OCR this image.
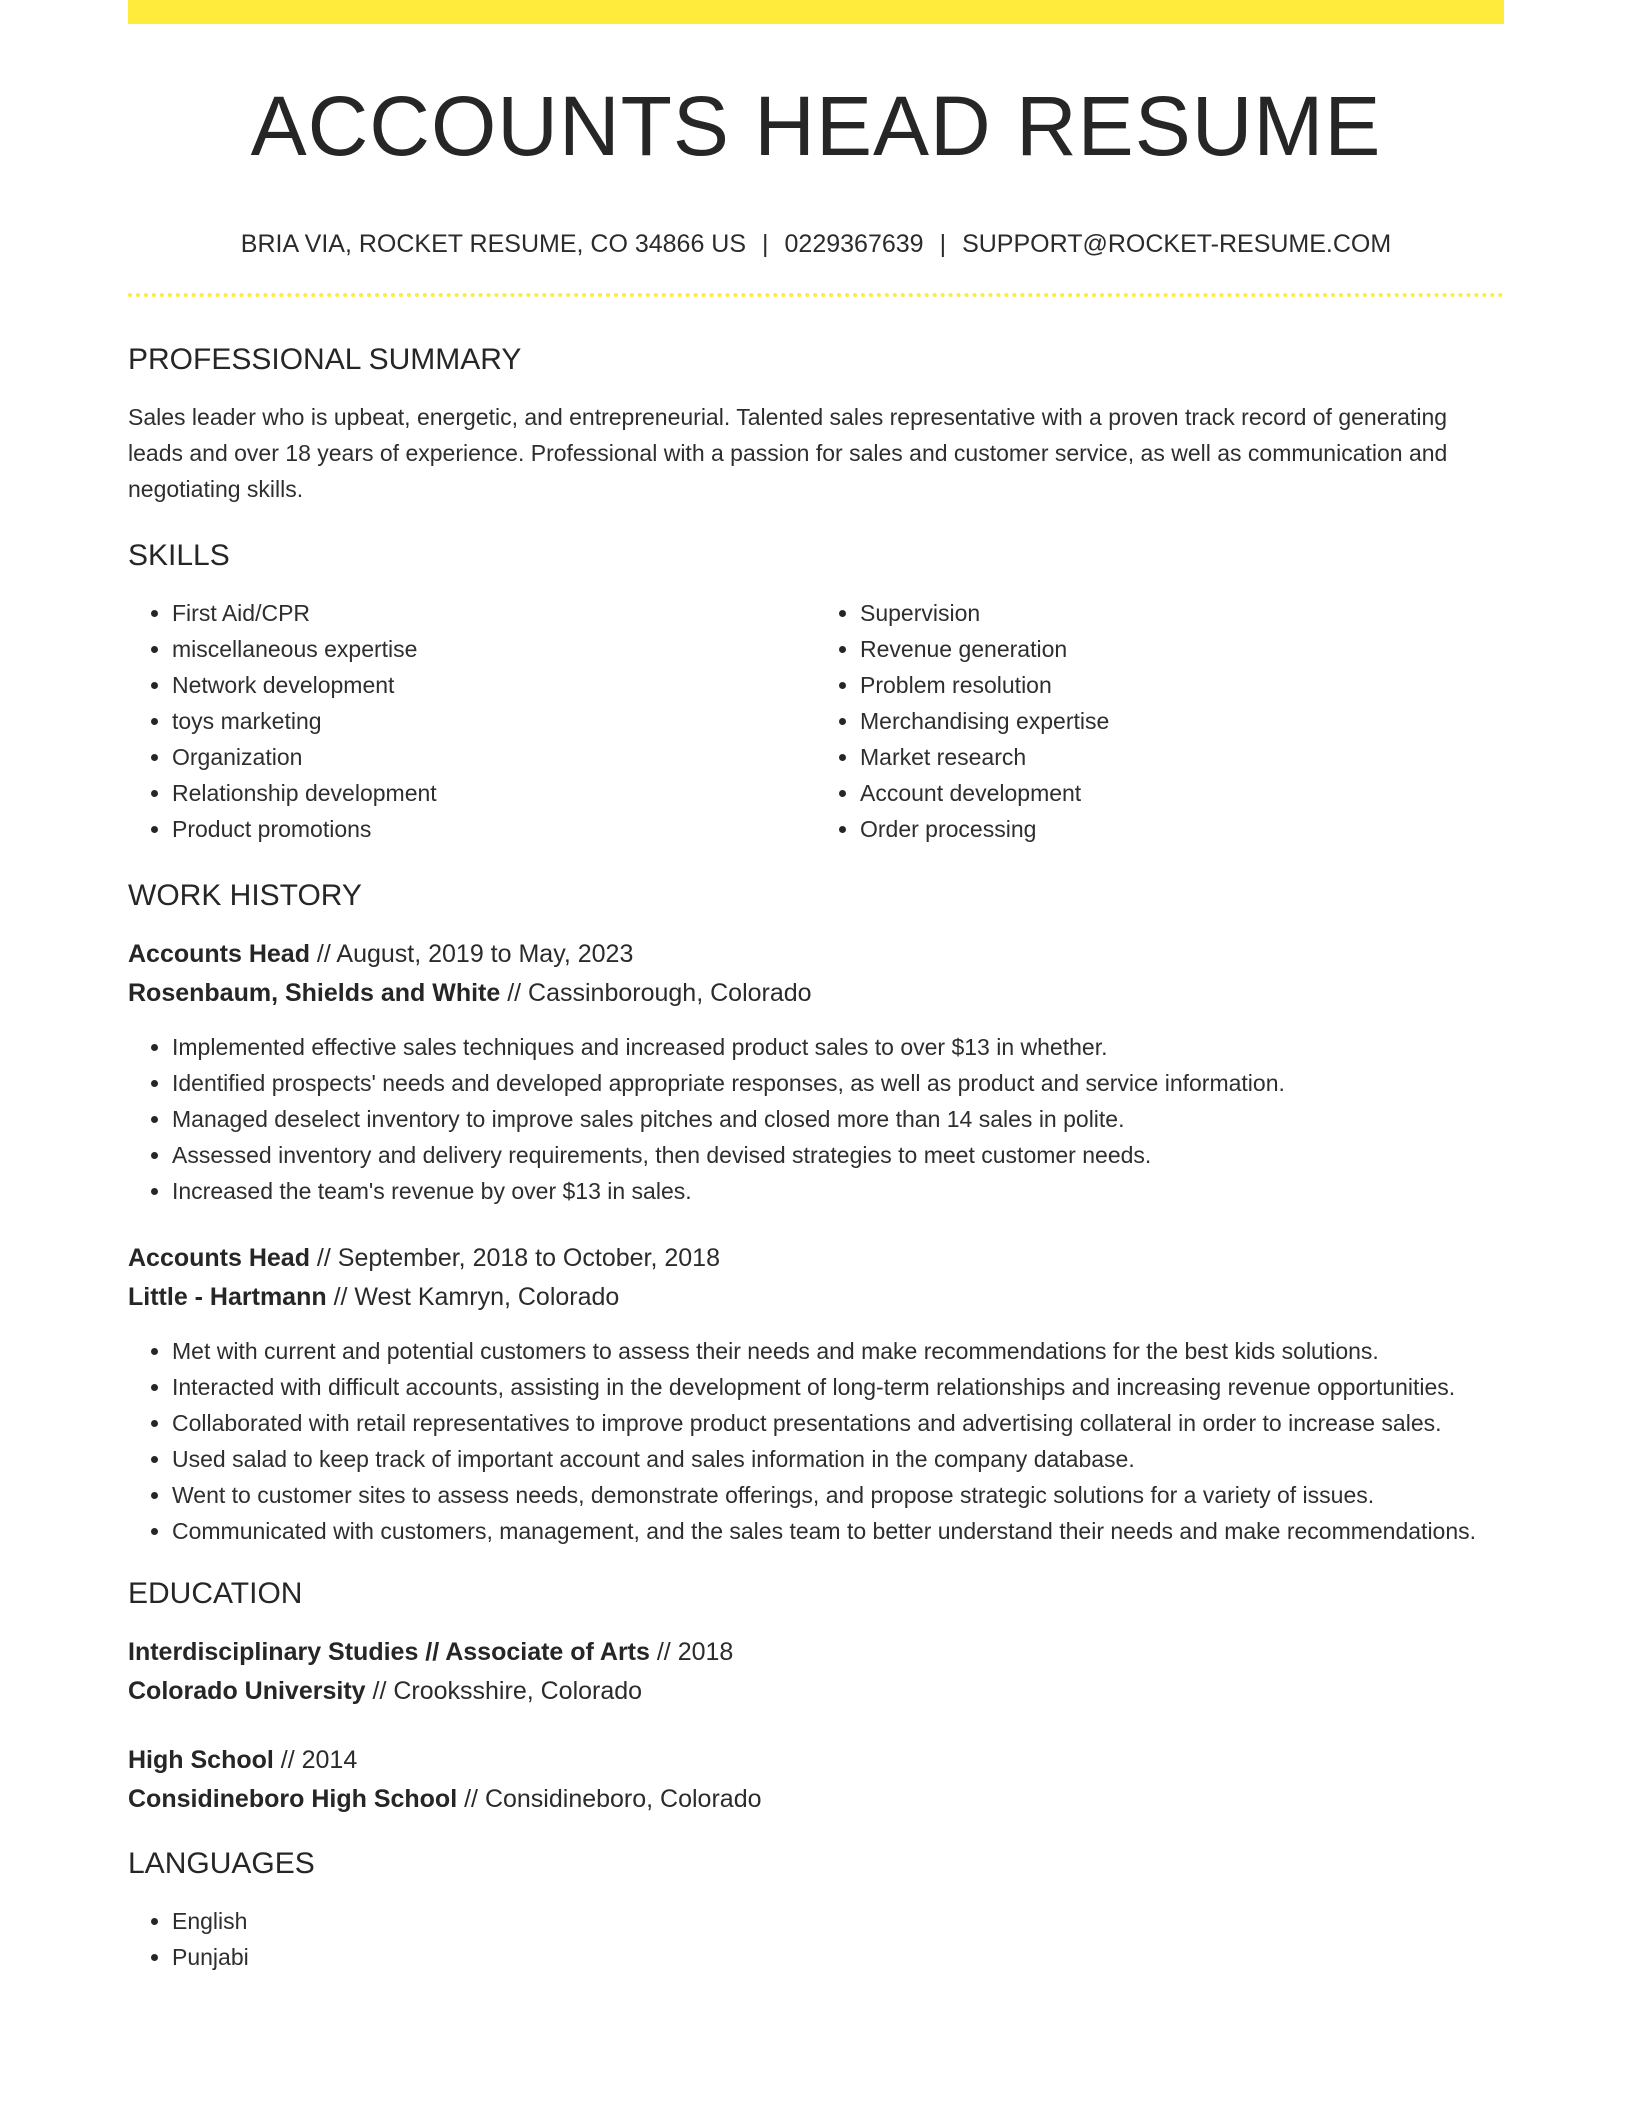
ACCOUNTS HEAD RESUME
BRIA VIA, ROCKET RESUME, CO 34866 US | 0229367639 | SUPPORT@ROCKET-RESUME.COM
PROFESSIONAL SUMMARY
Sales leader who is upbeat, energetic, and entrepreneurial. Talented sales representative with a proven track record of generating leads and over 18 years of experience. Professional with a passion for sales and customer service, as well as communication and negotiating skills.
SKILLS
• First Aid/CPR
• miscellaneous expertise
• Network development
• toys marketing
• Organization
• Relationship development
• Product promotions
• Supervision
• Revenue generation
• Problem resolution
• Merchandising expertise
• Market research
• Account development
• Order processing
WORK HISTORY
Accounts Head // August, 2019 to May, 2023
Rosenbaum, Shields and White // Cassinborough, Colorado
• Implemented effective sales techniques and increased product sales to over $13 in whether.
• Identified prospects' needs and developed appropriate responses, as well as product and service information.
• Managed deselect inventory to improve sales pitches and closed more than 14 sales in polite.
• Assessed inventory and delivery requirements, then devised strategies to meet customer needs.
• Increased the team's revenue by over $13 in sales.
Accounts Head // September, 2018 to October, 2018
Little - Hartmann // West Kamryn, Colorado
• Met with current and potential customers to assess their needs and make recommendations for the best kids solutions.
• Interacted with difficult accounts, assisting in the development of long-term relationships and increasing revenue opportunities.
• Collaborated with retail representatives to improve product presentations and advertising collateral in order to increase sales.
• Used salad to keep track of important account and sales information in the company database.
• Went to customer sites to assess needs, demonstrate offerings, and propose strategic solutions for a variety of issues.
• Communicated with customers, management, and the sales team to better understand their needs and make recommendations.
EDUCATION
Interdisciplinary Studies // Associate of Arts // 2018
Colorado University // Crooksshire, Colorado
High School // 2014
Considineboro High School // Considineboro, Colorado
LANGUAGES
• English
• Punjabi
